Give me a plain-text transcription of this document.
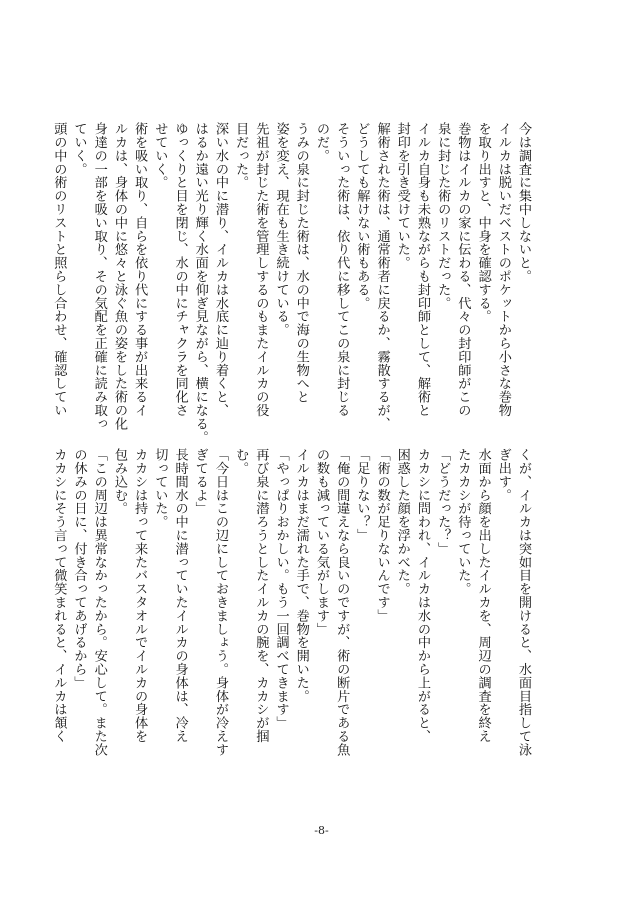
今は調査に集中しないと。
イルカは脱いだベストのポケットから小さな巻物
を取り出すと、中身を確認する。
巻物はイルカの家に伝わる、代々の封印師がこの
泉に封じた術のリストだった。
イルカ自身も未熟ながらも封印師として、解術と
封印を引き受けていた。
解術された術は、通常術者に戻るか、霧散するが、
どうしても解けない術もある。
そういった術は、依り代に移してこの泉に封じる
のだ。
うみの泉に封じた術は、水の中で海の生物へと
姿を変え、現在も生き続けている。
先祖が封じた術を管理しするのもまたイルカの役
目だった。
深い水の中に潜り、イルカは水底に辿り着くと、
はるか遠い光り輝く水面を仰ぎ見ながら、横になる。
ゆっくりと目を閉じ、水の中にチャクラを同化さ
せていく。
術を吸い取り、自らを依り代にする事が出来るイ
ルカは、身体の中に悠々と泳ぐ魚の姿をした術の化
身達の一部を吸い取り、その気配を正確に読み取っ
ていく。
頭の中の術のリストと照らし合わせ、確認してい

くが、イルカは突如目を開けると、水面目指して泳
ぎ出す。
水面から顔を出したイルカを、周辺の調査を終え
たカカシが待っていた。
「どうだった？」
カカシに問われ、イルカは水の中から上がると、
困惑した顔を浮かべた。
「術の数が足りないんです」
「足りない？」
「俺の間違えなら良いのですが、術の断片である魚
の数も減っている気がします」
イルカはまだ濡れた手で、巻物を開いた。
「やっぱりおかしい。もう一回調べてきます」
再び泉に潜ろうとしたイルカの腕を、カカシが掴
む。
「今日はこの辺にしておきましょう。身体が冷えす
ぎてるよ」
長時間水の中に潜っていたイルカの身体は、冷え
切っていた。
カカシは持って来たバスタオルでイルカの身体を
包み込む。
「この周辺は異常なかったから。安心して。また次
の休みの日に、付き合ってあげるから」
カカシにそう言って微笑まれると、イルカは頷く

-8-
